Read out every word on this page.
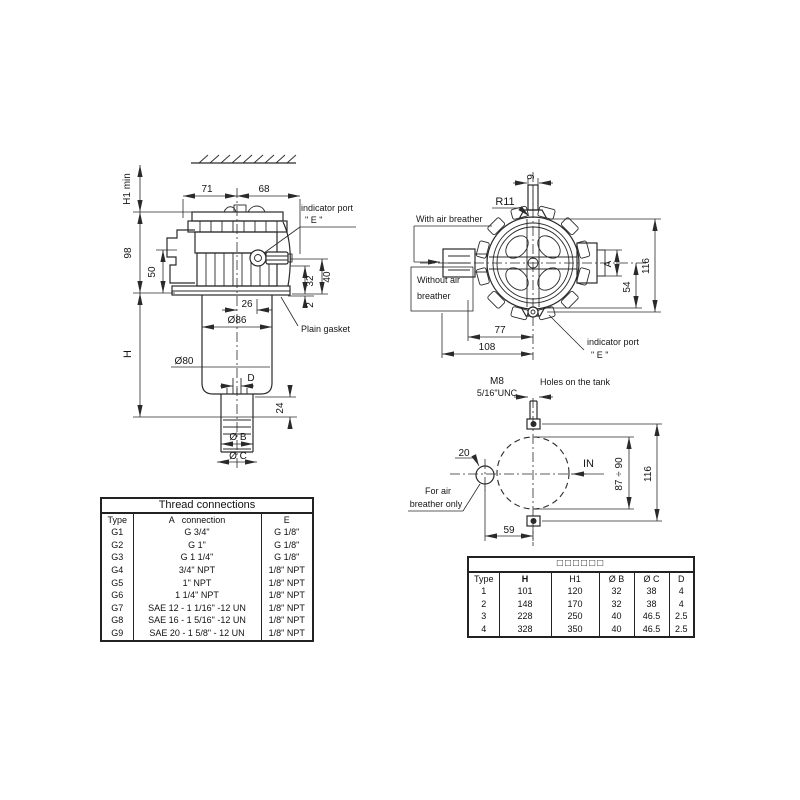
H1 min
98
H
50
71	68
indicator port
" E "
32 40
2
26
Ø86
Plain gasket
Ø80
D
24
Ø B
Ø C
9
R11
With air breather
Without air
breather
A
54
116
77
108	indicator port
" E "
M8
5/16"UNC
Holes on the tank
20
IN 87 ÷ 90 116
59
For air
breather only
Thread connections		
Type	A   connection	E
G1	G 3/4"	G 1/8"
G2	G 1"	G 1/8"
G3	G 1 1/4"	G 1/8"
G4	3/4" NPT	1/8" NPT
G5	1" NPT	1/8" NPT
G6	1 1/4" NPT	1/8" NPT
G7	SAE 12 - 1 1/16" -12 UN	1/8" NPT
G8	SAE 16 - 1 5/16" -12 UN	1/8" NPT
G9	SAE 20 - 1 5/8" - 12 UN	1/8" NPT
□□□□□□					
Type	H	H1	Ø B	Ø C	D
1	101	120	32	38	4
2	148	170	32	38	4
3	228	250	40	46.5	2.5
4	328	350	40	46.5	2.5
